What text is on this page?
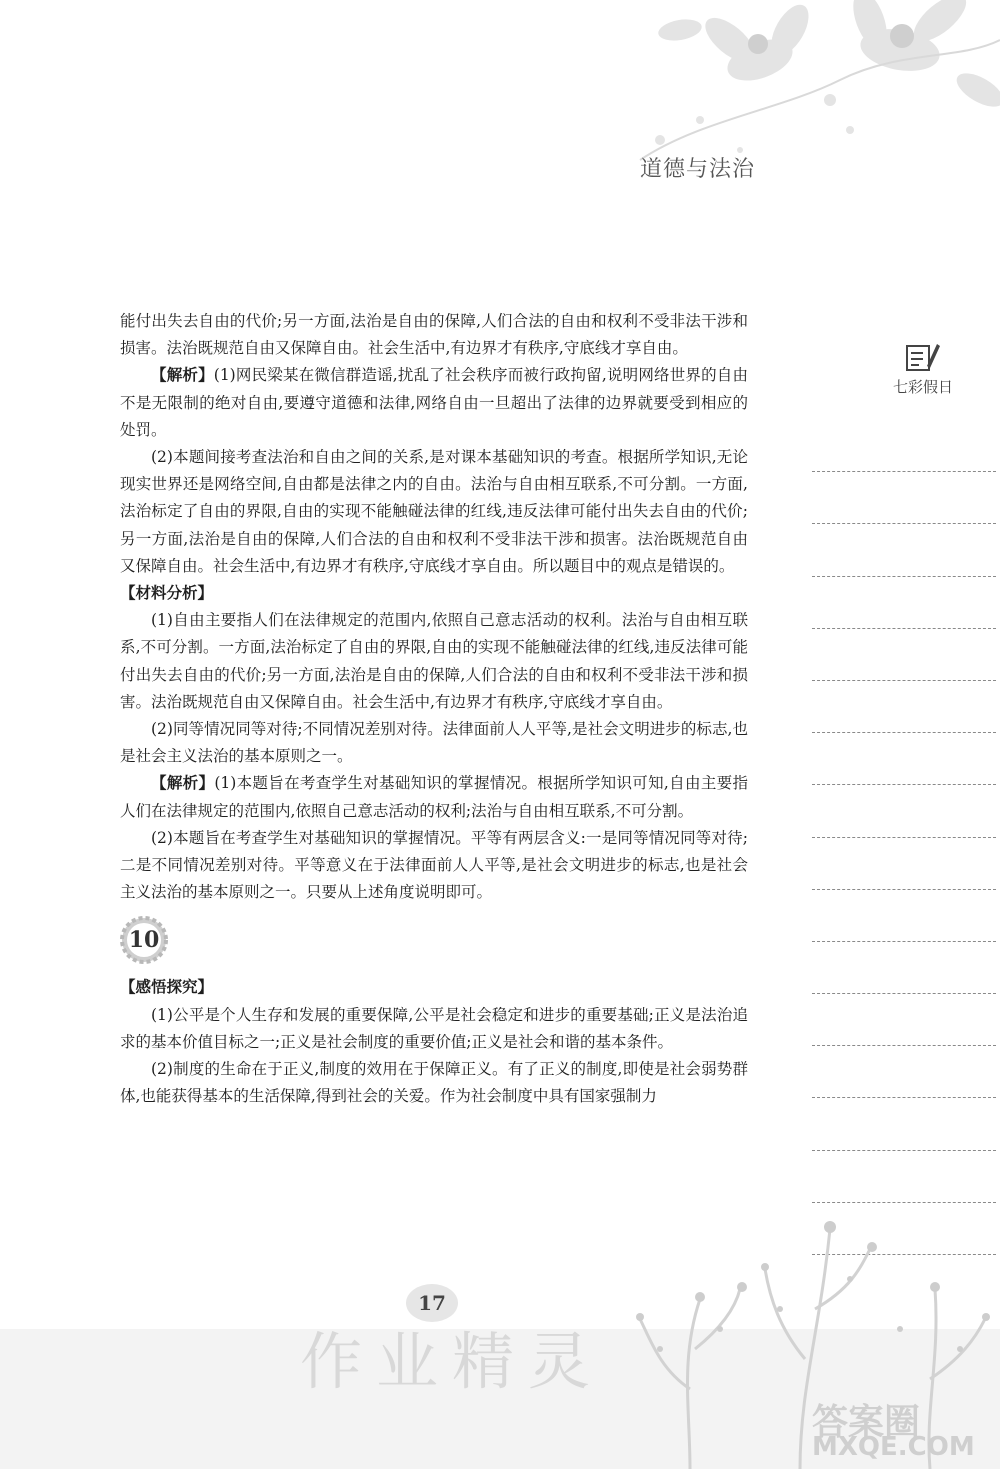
道德与法治
七彩假日

能付出失去自由的代价;另一方面,法治是自由的保障,人们合法的自由和权利不受非法干涉和损害。法治既规范自由又保障自由。社会生活中,有边界才有秩序,守底线才享自由。

【解析】(1)网民梁某在微信群造谣,扰乱了社会秩序而被行政拘留,说明网络世界的自由不是无限制的绝对自由,要遵守道德和法律,网络自由一旦超出了法律的边界就要受到相应的处罚。

(2)本题间接考查法治和自由之间的关系,是对课本基础知识的考查。根据所学知识,无论现实世界还是网络空间,自由都是法律之内的自由。法治与自由相互联系,不可分割。一方面,法治标定了自由的界限,自由的实现不能触碰法律的红线,违反法律可能付出失去自由的代价;另一方面,法治是自由的保障,人们合法的自由和权利不受非法干涉和损害。法治既规范自由又保障自由。社会生活中,有边界才有秩序,守底线才享自由。所以题目中的观点是错误的。

【材料分析】

(1)自由主要指人们在法律规定的范围内,依照自己意志活动的权利。法治与自由相互联系,不可分割。一方面,法治标定了自由的界限,自由的实现不能触碰法律的红线,违反法律可能付出失去自由的代价;另一方面,法治是自由的保障,人们合法的自由和权利不受非法干涉和损害。法治既规范自由又保障自由。社会生活中,有边界才有秩序,守底线才享自由。

(2)同等情况同等对待;不同情况差别对待。法律面前人人平等,是社会文明进步的标志,也是社会主义法治的基本原则之一。

【解析】(1)本题旨在考查学生对基础知识的掌握情况。根据所学知识可知,自由主要指人们在法律规定的范围内,依照自己意志活动的权利;法治与自由相互联系,不可分割。

(2)本题旨在考查学生对基础知识的掌握情况。平等有两层含义:一是同等情况同等对待;二是不同情况差别对待。平等意义在于法律面前人人平等,是社会文明进步的标志,也是社会主义法治的基本原则之一。只要从上述角度说明即可。

10

【感悟探究】

(1)公平是个人生存和发展的重要保障,公平是社会稳定和进步的重要基础;正义是法治追求的基本价值目标之一;正义是社会制度的重要价值;正义是社会和谐的基本条件。

(2)制度的生命在于正义,制度的效用在于保障正义。有了正义的制度,即使是社会弱势群体,也能获得基本的生活保障,得到社会的关爱。作为社会制度中具有国家强制力

17
作业精灵
答案圈
MXQE.COM
